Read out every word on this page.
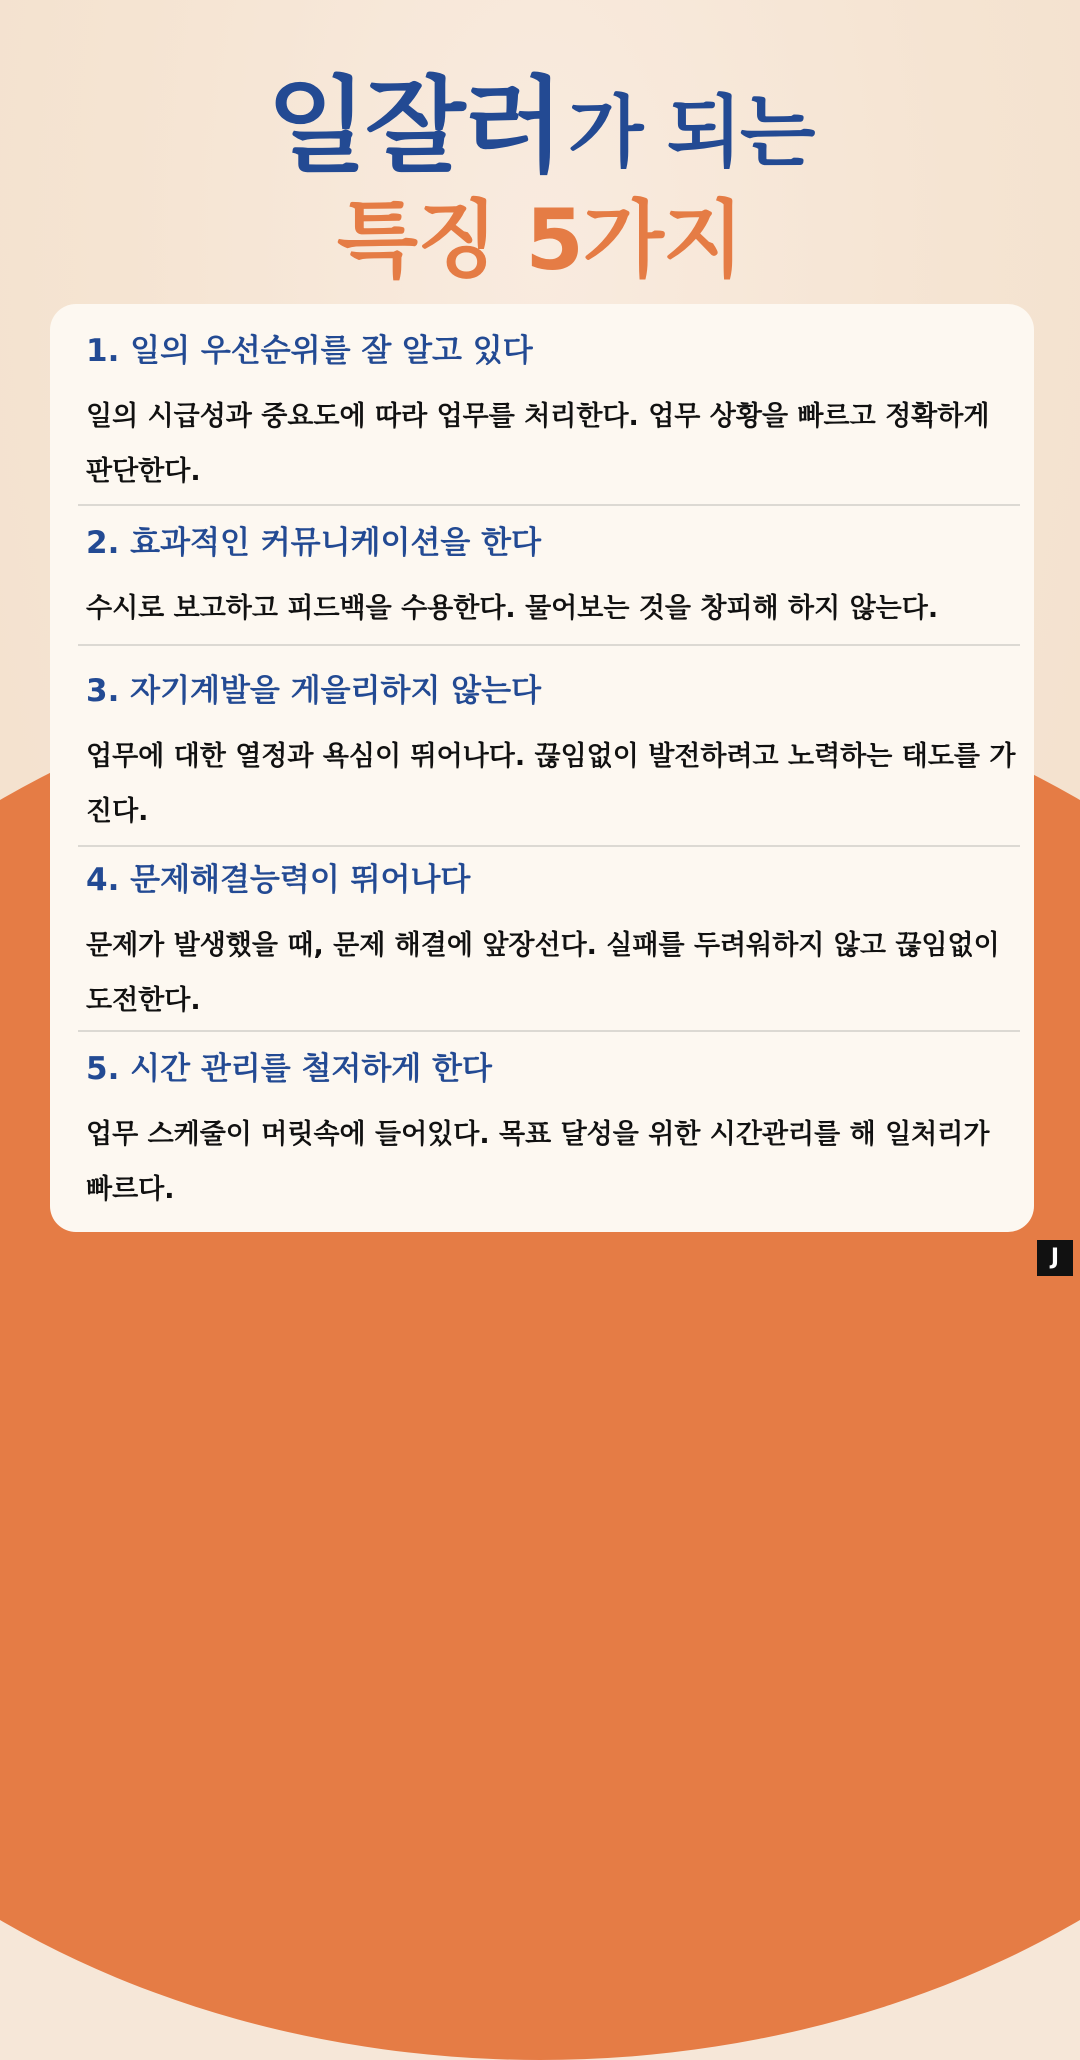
일잘러 가 되는
특징 5가지
1. 일의 우선순위를 잘 알고 있다
일의 시급성과 중요도에 따라 업무를 처리한다. 업무 상황을 빠르고 정확하게 판단한다.
2. 효과적인 커뮤니케이션을 한다
수시로 보고하고 피드백을 수용한다. 물어보는 것을 창피해 하지 않는다.
3. 자기계발을 게을리하지 않는다
업무에 대한 열정과 욕심이 뛰어나다. 끊임없이 발전하려고 노력하는 태도를 가진다.
4. 문제해결능력이 뛰어나다
문제가 발생했을 때, 문제 해결에 앞장선다. 실패를 두려워하지 않고 끊임없이 도전한다.
5. 시간 관리를 철저하게 한다
업무 스케줄이 머릿속에 들어있다. 목표 달성을 위한 시간관리를 해 일처리가 빠르다.
J
